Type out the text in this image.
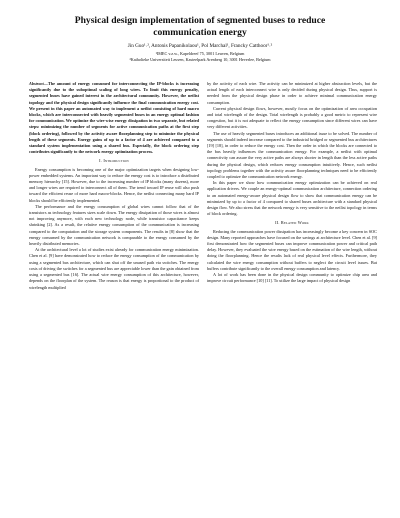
Physical design implementation of segmented buses to reduce communication energy
Jin Guo¹˒², Antonis Papanikolaou¹, Pol Marchal¹, Francky Catthoor¹˒²
¹IMEC v.z.w., Kapeldreef 75, 3001 Leuven, Belgium
²Katholieke Universiteit Leuven, Kasteelpark Arenberg 10, 3001 Heverlee, Belgium

Abstract—The amount of energy consumed for interconnecting the IP-blocks is increasing significantly due to the suboptimal scaling of long wires. To limit this energy penalty, segmented buses have gained interest in the architectural community. However, the netlist topology and the physical design significantly influence the final communication energy cost. We present in this paper an automated way to implement a netlist consisting of hard macro blocks, which are interconnected with heavily segmented buses in an energy optimal fashion for communication. We optimize the wire-wise energy dissipation in two separate, but related steps: minimizing the number of segments for active communication paths at the first step (block ordering), followed by the activity aware floorplanning step to minimize the physical length of these segments. Energy gains of up to a factor of 4 are achieved compared to a standard system implementation using a shared bus. Especially, the block ordering step contributes significantly to the network energy optimization process.

I. Introduction

Energy consumption is becoming one of the major optimization targets when designing low-power embedded systems. An important way to reduce the energy cost is to introduce a distributed memory hierarchy [15]. However, due to the increasing number of IP blocks (many dozens), more and longer wires are required to interconnect all of them. The trend toward IP reuse will also push toward the efficient reuse of more hard macro-blocks. Hence, the netlist connecting many hard IP blocks should be efficiently implemented.

The performance and the energy consumption of global wires cannot follow that of the transistors as technology features sizes scale down. The energy dissipation of those wires is almost not improving anymore, with each new technology node, while transistor capacitance keeps shrinking [2]. As a result, the relative energy consumption of the communication is increasing compared to the computation and the storage system components. The results in [8] show that the energy consumed by the communication network is comparable to the energy consumed by the heavily distributed memories.

At the architectural level a lot of studies exist already for communication energy minimization. Chen et al. [9] have demonstrated how to reduce the energy consumption of the communication by using a segmented bus architecture, which can shut off the unused path via switches. The energy costs of driving the switches for a segmented bus are appreciable lower than the gain obtained from using a segmented bus [16]. The actual wire energy consumption of this architecture, however, depends on the floorplan of the system. The reason is that energy is proportional to the product of wirelength multiplied

by the activity of each wire. The activity can be minimized at higher abstraction levels, but the actual length of each interconnect wire is only decided during physical design. Thus, support is needed from the physical design phase in order to achieve minimal communication energy consumption.

Current physical design flows, however, mostly focus on the optimization of area occupation and total wirelength of the design. Total wirelength is probably a good metric to represent wire congestion, but it is not adequate to reflect the energy consumption since different wires can have very different activities.

The use of heavily segmented buses introduces an additional issue to be solved. The number of segments should indeed increase compared to the industrial bridged or segmented bus architectures [19] [18], in order to reduce the energy cost. Then the order in which the blocks are connected to the bus heavily influences the communication energy. For example, a netlist with optimal connectivity can assure the very active paths are always shorter in length than the less active paths during the physical design, which reduces energy consumption intuitively. Hence, such netlist topology problems together with the activity aware floorplanning techniques need to be efficiently coupled to optimize the communication network energy.

In this paper we show how communication energy optimization can be achieved on real application drivers. We couple an energy-optimal communication architecture, connection ordering to an automated energy-aware physical design flow to show that communication energy can be minimized by up to a factor of 4 compared to shared buses architecture with a standard physical design flow. We also stress that the network energy is very sensitive to the netlist topology in terms of block ordering.

II. Related Work

Reducing the communication power dissipation has increasingly become a key concern in SOC design. Many reported approaches have focused on the savings at architecture level. Chen et al. [9] first demonstrated how the segmented buses can improve communication power and critical path delay. However, they evaluated the wire energy based on the estimation of the wire length, without doing the floorplanning. Hence the results lack of real physical level effects. Furthermore, they calculated the wire energy consumption without buffers to neglect the circuit level issues. But buffers contribute significantly to the overall energy consumption and latency.

A lot of work has been done in the physical design community to optimize chip area and improve circuit performance [10] [11]. To utilize the large impact of physical design
